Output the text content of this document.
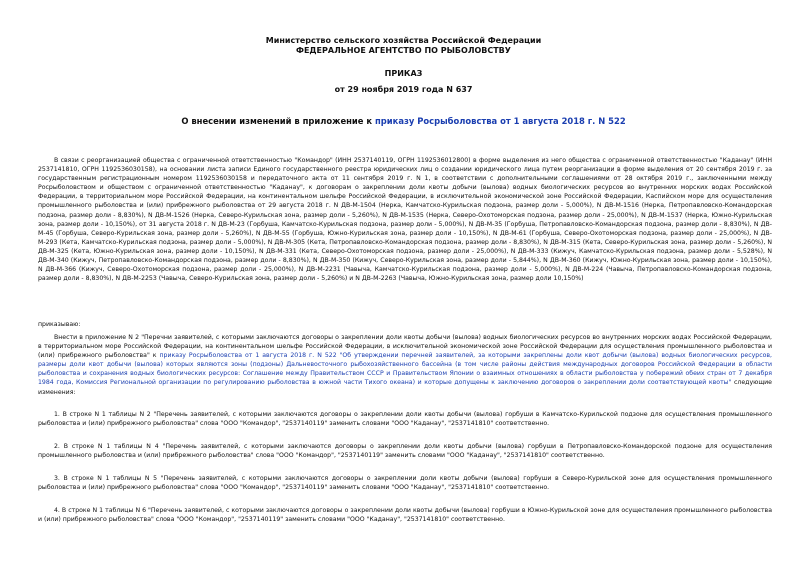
Министерство сельского хозяйства Российской Федерации
ФЕДЕРАЛЬНОЕ АГЕНТСТВО ПО РЫБОЛОВСТВУ
ПРИКАЗ
от 29 ноября 2019 года N 637
О внесении изменений в приложение к приказу Росрыболовства от 1 августа 2018 г. N 522

В связи с реорганизацией общества с ограниченной ответственностью "Командор" (ИНН 2537140119, ОГРН 1192536012800) в форме выделения из него общества с ограниченной ответственностью "Каданау" (ИНН 2537141810, ОГРН 1192536030158), на основании листа записи Единого государственного реестра юридических лиц о создании юридического лица путем реорганизации в форме выделения от 20 сентября 2019 г. за государственным регистрационным номером 1192536030158 и передаточного акта от 11 сентября 2019 г. N 1, в соответствии с дополнительными соглашениями от 28 октября 2019 г., заключенными между Росрыболовством и обществом с ограниченной ответственностью "Каданау", к договорам о закреплении доли квоты добычи (вылова) водных биологических ресурсов во внутренних морских водах Российской Федерации, в территориальном море Российской Федерации, на континентальном шельфе Российской Федерации, в исключительной экономической зоне Российской Федерации, Каспийском море для осуществления промышленного рыболовства и (или) прибрежного рыболовства от 29 августа 2018 г. N ДВ-М-1504 (Нерка, Камчатско-Курильская подзона, размер доли - 5,000%), N ДВ-М-1516 (Нерка, Петропавловско-Командорская подзона, размер доли - 8,830%), N ДВ-М-1526 (Нерка, Северо-Курильская зона, размер доли - 5,260%), N ДВ-М-1535 (Нерка, Северо-Охотоморская подзона, размер доли - 25,000%), N ДВ-М-1537 (Нерка, Южно-Курильская зона, размер доли - 10,150%), от 31 августа 2018 г. N ДВ-М-23 (Горбуша, Камчатско-Курильская подзона, размер доли - 5,000%), N ДВ-М-35 (Горбуша, Петропавловско-Командорская подзона, размер доли - 8,830%), N ДВ-М-45 (Горбуша, Северо-Курильская зона, размер доли - 5,260%), N ДВ-М-55 (Горбуша, Южно-Курильская зона, размер доли - 10,150%), N ДВ-М-61 (Горбуша, Северо-Охотоморская подзона, размер доли - 25,000%), N ДВ-М-293 (Кета, Камчатско-Курильская подзона, размер доли - 5,000%), N ДВ-М-305 (Кета, Петропавловско-Командорская подзона, размер доли - 8,830%), N ДВ-М-315 (Кета, Северо-Курильская зона, размер доли - 5,260%), N ДВ-М-325 (Кета, Южно-Курильская зона, размер доли - 10,150%), N ДВ-М-331 (Кета, Северо-Охотоморская подзона, размер доли - 25,000%), N ДВ-М-333 (Кижуч, Камчатско-Курильская подзона, размер доли - 5,528%), N ДВ-М-340 (Кижуч, Петропавловско-Командорская подзона, размер доли - 8,830%), N ДВ-М-350 (Кижуч, Северо-Курильская зона, размер доли - 5,844%), N ДВ-М-360 (Кижуч, Южно-Курильская зона, размер доли - 10,150%), N ДВ-М-366 (Кижуч, Северо-Охотоморская подзона, размер доли - 25,000%), N ДВ-М-2231 (Чавыча, Камчатско-Курильская подзона, размер доли - 5,000%), N ДВ-М-224 (Чавыча, Петропавловско-Командорская подзона, размер доли - 8,830%), N ДВ-М-2253 (Чавыча, Северо-Курильская зона, размер доли - 5,260%) и N ДВ-М-2263 (Чавыча, Южно-Курильская зона, размер доли 10,150%)

приказываю:

Внести в приложение N 2 "Перечни заявителей, с которыми заключаются договоры о закреплении доли квоты добычи (вылова) водных биологических ресурсов во внутренних морских водах Российской Федерации, в территориальном море Российской Федерации, на континентальном шельфе Российской Федерации, в исключительной экономической зоне Российской Федерации для осуществления промышленного рыболовства и (или) прибрежного рыболовства" к приказу Росрыболовства от 1 августа 2018 г. N 522 "Об утверждении перечней заявителей, за которыми закреплены доли квот добычи (вылова) водных биологических ресурсов, размеры доли квот добычи (вылова) которых являются зоны (подзоны) Дальневосточного рыбохозяйственного бассейна (в том числе районы действия международных договоров Российской Федерации в области рыболовства и сохранения водных биологических ресурсов: Соглашение между Правительством СССР и Правительством Японии о взаимных отношениях в области рыболовства у побережий обеих стран от 7 декабря 1984 года, Комиссия Региональной организации по регулированию рыболовства в южной части Тихого океана) и которые допущены к заключению договоров о закреплении доли соответствующей квоты" следующие изменения:

1. В строке N 1 таблицы N 2 "Перечень заявителей, с которыми заключаются договоры о закреплении доли квоты добычи (вылова) горбуши в Камчатско-Курильской подзоне для осуществления промышленного рыболовства и (или) прибрежного рыболовства" слова "ООО "Командор", "2537140119" заменить словами "ООО "Каданау", "2537141810" соответственно.

2. В строке N 1 таблицы N 4 "Перечень заявителей, с которыми заключаются договоры о закреплении доли квоты добычи (вылова) горбуши в Петропавловско-Командорской подзоне для осуществления промышленного рыболовства и (или) прибрежного рыболовства" слова "ООО "Командор", "2537140119" заменить словами "ООО "Каданау", "2537141810" соответственно.

3. В строке N 1 таблицы N 5 "Перечень заявителей, с которыми заключаются договоры о закреплении доли квоты добычи (вылова) горбуши в Северо-Курильской зоне для осуществления промышленного рыболовства и (или) прибрежного рыболовства" слова "ООО "Командор", "2537140119" заменить словами "ООО "Каданау", "2537141810" соответственно.

4. В строке N 1 таблицы N 6 "Перечень заявителей, с которыми заключаются договоры о закреплении доли квоты добычи (вылова) горбуши в Южно-Курильской зоне для осуществления промышленного рыболовства и (или) прибрежного рыболовства" слова "ООО "Командор", "2537140119" заменить словами "ООО "Каданау", "2537141810" соответственно.
